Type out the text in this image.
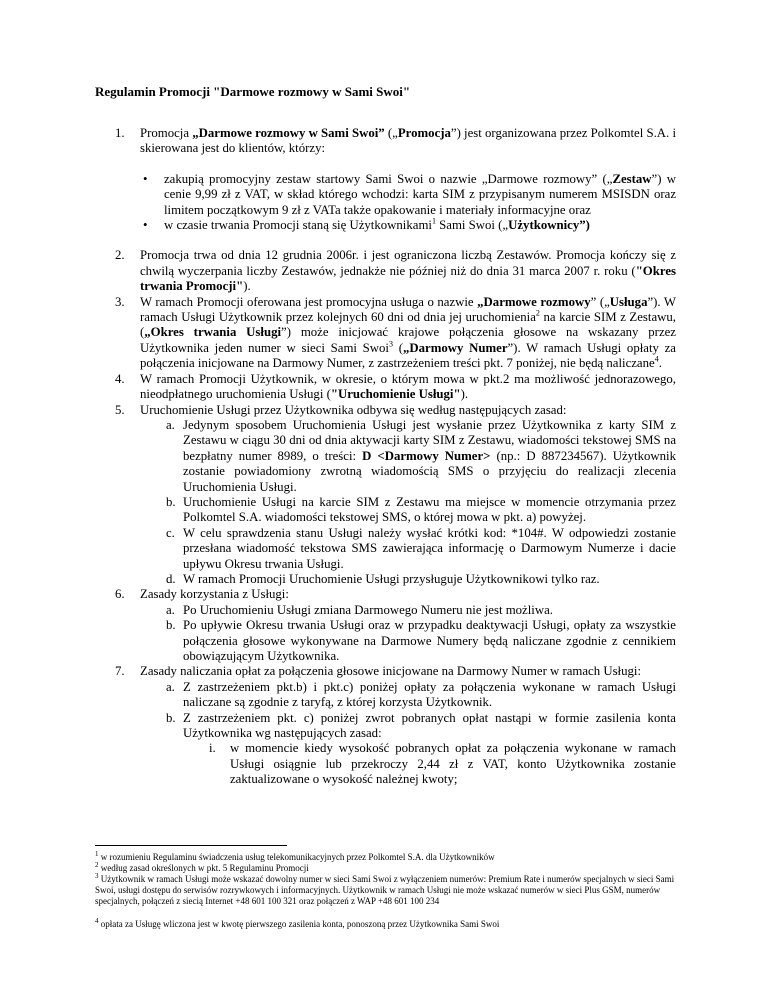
Regulamin Promocji "Darmowe rozmowy w Sami Swoi"
1. Promocja „Darmowe rozmowy w Sami Swoi” („Promocja”) jest organizowana przez Polkomtel S.A. i skierowana jest do klientów, którzy:
• zakupią promocyjny zestaw startowy Sami Swoi o nazwie „Darmowe rozmowy” („Zestaw”) w cenie 9,99 zł z VAT, w skład którego wchodzi: karta SIM z przypisanym numerem MSISDN oraz limitem początkowym 9 zł z VATa także opakowanie i materiały informacyjne oraz
• w czasie trwania Promocji staną się Użytkownikami$^1$ Sami Swoi („Użytkownicy”)
2. Promocja trwa od dnia 12 grudnia 2006r. i jest ograniczona liczbą Zestawów. Promocja kończy się z chwilą wyczerpania liczby Zestawów, jednakże nie później niż do dnia 31 marca 2007 r. roku ("Okres trwania Promocji").
3. W ramach Promocji oferowana jest promocyjna usługa o nazwie „Darmowe rozmowy” („Usługa”). W ramach Usługi Użytkownik przez kolejnych 60 dni od dnia jej uruchomienia$^2$ na karcie SIM z Zestawu,(„Okres trwania Usługi”) może inicjować krajowe połączenia głosowe na wskazany przez Użytkownika jeden numer w sieci Sami Swoi$^3$ („Darmowy Numer”). W ramach Usługi opłaty za połączenia inicjowane na Darmowy Numer, z zastrzeżeniem treści pkt. 7 poniżej, nie będą naliczane$^4$.
4. W ramach Promocji Użytkownik, w okresie, o którym mowa w pkt.2 ma możliwość jednorazowego, nieodpłatnego uruchomienia Usługi ("Uruchomienie Usługi").
5. Uruchomienie Usługi przez Użytkownika odbywa się według następujących zasad:
a. Jedynym sposobem Uruchomienia Usługi jest wysłanie przez Użytkownika z karty SIM z Zestawu w ciągu 30 dni od dnia aktywacji karty SIM z Zestawu, wiadomości tekstowej SMS na bezpłatny numer 8989, o treści: D <Darmowy Numer> (np.: D 887234567). Użytkownik zostanie powiadomiony zwrotną wiadomością SMS o przyjęciu do realizacji zlecenia Uruchomienia Usługi.
b. Uruchomienie Usługi na karcie SIM z Zestawu ma miejsce w momencie otrzymania przez Polkomtel S.A. wiadomości tekstowej SMS, o której mowa w pkt. a) powyżej.
c. W celu sprawdzenia stanu Usługi należy wysłać krótki kod: *104#. W odpowiedzi zostanie przesłana wiadomość tekstowa SMS zawierająca informację o Darmowym Numerze i dacie upływu Okresu trwania Usługi.
d. W ramach Promocji Uruchomienie Usługi przysługuje Użytkownikowi tylko raz.
6. Zasady korzystania z Usługi:
a. Po Uruchomieniu Usługi zmiana Darmowego Numeru nie jest możliwa.
b. Po upływie Okresu trwania Usługi oraz w przypadku deaktywacji Usługi, opłaty za wszystkie połączenia głosowe wykonywane na Darmowe Numery będą naliczane zgodnie z cennikiem obowiązującym Użytkownika.
7. Zasady naliczania opłat za połączenia głosowe inicjowane na Darmowy Numer w ramach Usługi:
a. Z zastrzeżeniem pkt.b) i pkt.c) poniżej opłaty za połączenia wykonane w ramach Usługi naliczane są zgodnie z taryfą, z której korzysta Użytkownik.
b. Z zastrzeżeniem pkt. c) poniżej zwrot pobranych opłat nastąpi w formie zasilenia konta Użytkownika wg następujących zasad:
i. w momencie kiedy wysokość pobranych opłat za połączenia wykonane w ramach Usługi osiągnie lub przekroczy 2,44 zł z VAT, konto Użytkownika zostanie zaktualizowane o wysokość należnej kwoty;
$^1$ w rozumieniu Regulaminu świadczenia usług telekomunikacyjnych przez Polkomtel S.A. dla Użytkowników
$^2$ według zasad określonych w pkt. 5 Regulaminu Promocji
$^3$ Użytkownik w ramach Usługi może wskazać dowolny numer w sieci Sami Swoi z wyłączeniem numerów: Premium Rate i numerów specjalnych w sieci Sami Swoi, usługi dostępu do serwisów rozrywkowych i informacyjnych. Użytkownik w ramach Usługi nie może wskazać numerów w sieci Plus GSM, numerów specjalnych, połączeń z siecią Internet +48 601 100 321 oraz połączeń z WAP +48 601 100 234
$^4$ opłata za Usługę wliczona jest w kwotę pierwszego zasilenia konta, ponoszoną przez Użytkownika Sami Swoi
